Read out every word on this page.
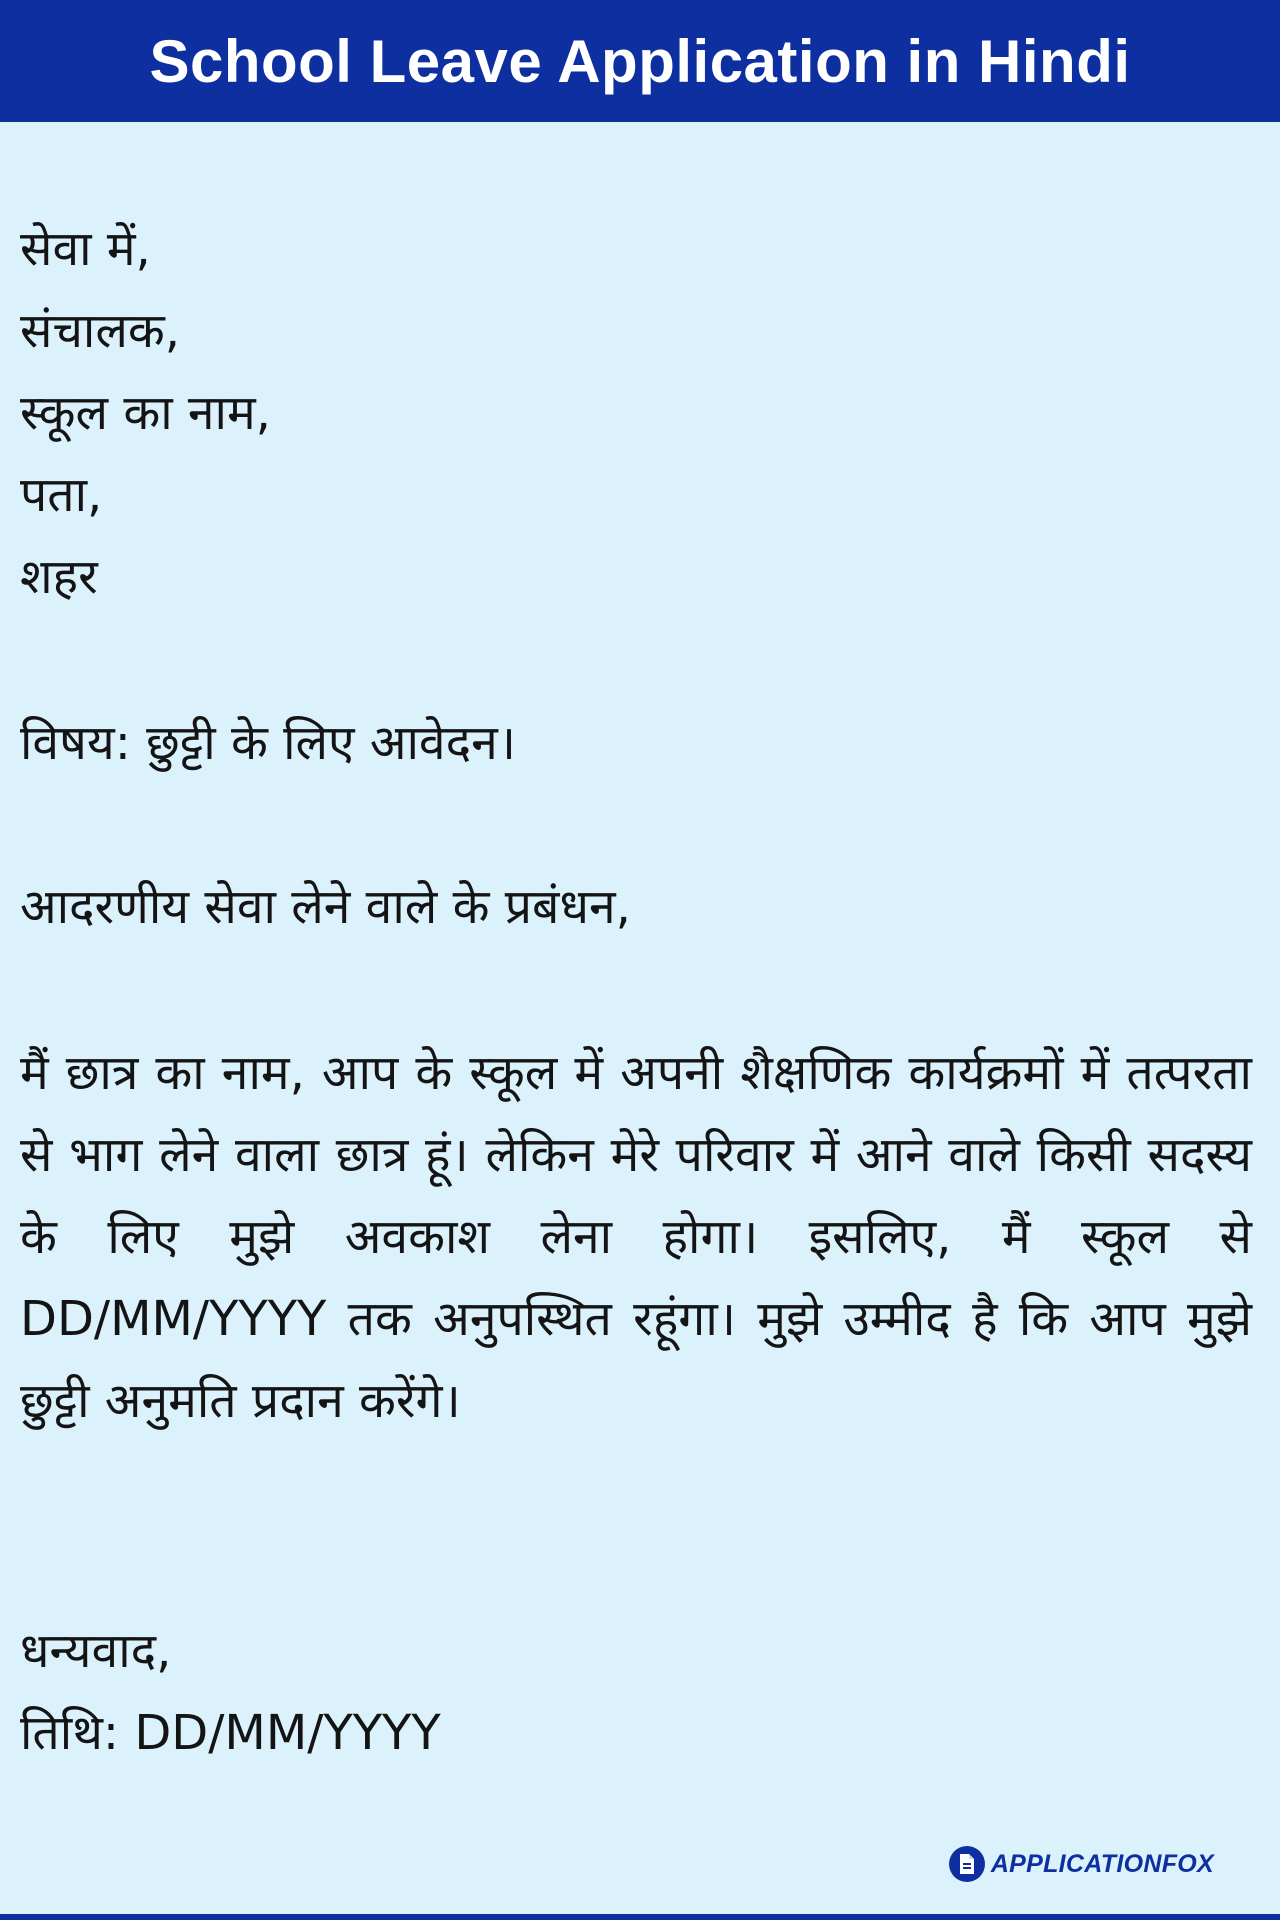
School Leave Application in Hindi
सेवा में,
संचालक,
स्कूल का नाम,
पता,
शहर
विषय: छुट्टी के लिए आवेदन।
आदरणीय सेवा लेने वाले के प्रबंधन,
मैं छात्र का नाम, आप के स्कूल में अपनी शैक्षणिक कार्यक्रमों में तत्परता से भाग लेने वाला छात्र हूं। लेकिन मेरे परिवार में आने वाले किसी सदस्य के लिए मुझे अवकाश लेना होगा। इसलिए, मैं स्कूल से DD/MM/YYYY तक अनुपस्थित रहूंगा। मुझे उम्मीद है कि आप मुझे छुट्टी अनुमति प्रदान करेंगे।
धन्यवाद,
तिथि: DD/MM/YYYY
APPLICATIONFOX
